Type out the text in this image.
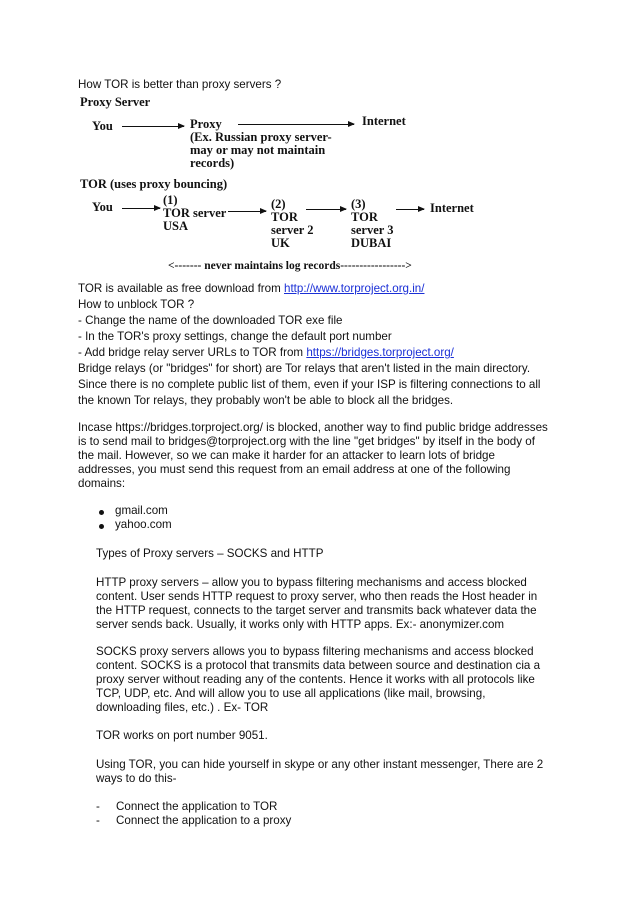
How TOR is better than proxy servers ?
Proxy Server
You	Proxy
(Ex. Russian proxy server-
may or may not maintain
records)
Internet
TOR (uses proxy bouncing)
You	(1)
TOR server
USA
(2)
TOR
server 2
UK
(3)
TOR
server 3
DUBAI
Internet
<------- never maintains log records----------------->
TOR is available as free download from http://www.torproject.org.in/
How to unblock TOR ?
- Change the name of the downloaded TOR exe file
- In the TOR's proxy settings, change the default port number
- Add bridge relay server URLs to TOR from https://bridges.torproject.org/
Bridge relays (or "bridges" for short) are Tor relays that aren't listed in the main directory.
Since there is no complete public list of them, even if your ISP is filtering connections to all
the known Tor relays, they probably won't be able to block all the bridges.
Incase https://bridges.torproject.org/ is blocked, another way to find public bridge addresses
is to send mail to bridges@torproject.org with the line "get bridges" by itself in the body of
the mail. However, so we can make it harder for an attacker to learn lots of bridge
addresses, you must send this request from an email address at one of the following
domains:
gmail.com
yahoo.com
Types of Proxy servers – SOCKS and HTTP
HTTP proxy servers – allow you to bypass filtering mechanisms and access blocked
content. User sends HTTP request to proxy server, who then reads the Host header in
the HTTP request, connects to the target server and transmits back whatever data the
server sends back. Usually, it works only with HTTP apps. Ex:- anonymizer.com
SOCKS proxy servers allows you to bypass filtering mechanisms and access blocked
content. SOCKS is a protocol that transmits data between source and destination cia a
proxy server without reading any of the contents. Hence it works with all protocols like
TCP, UDP, etc. And will allow you to use all applications (like mail, browsing,
downloading files, etc.) . Ex- TOR
TOR works on port number 9051.
Using TOR, you can hide yourself in skype or any other instant messenger, There are 2
ways to do this-
- Connect the application to TOR
- Connect the application to a proxy
